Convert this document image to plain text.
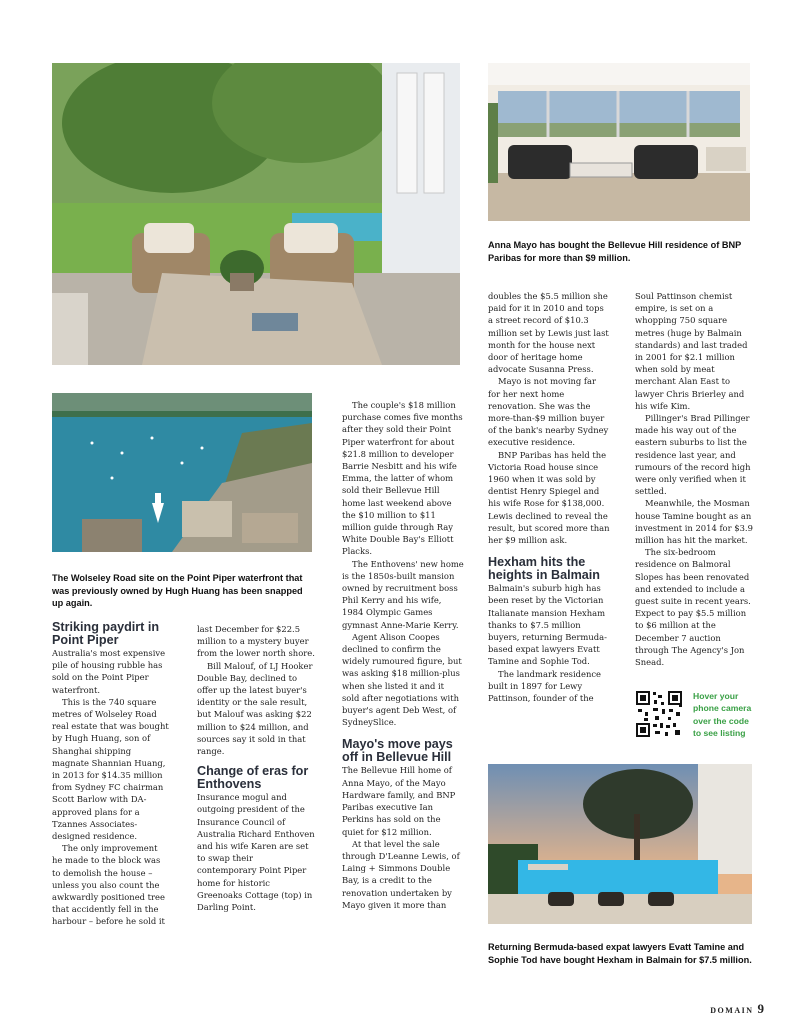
Anna Mayo has bought the Bellevue Hill residence of BNP Paribas for more than $9 million.
The Wolseley Road site on the Point Piper waterfront that was previously owned by Hugh Huang has been snapped up again.
Returning Bermuda-based expat lawyers Evatt Tamine and Sophie Tod have bought Hexham in Balmain for $7.5 million.
Striking paydirt in Point Piper

Australia's most expensive pile of housing rubble has sold on the Point Piper waterfront.

This is the 740 square metres of Wolseley Road real estate that was bought by Hugh Huang, son of Shanghai shipping magnate Shannian Huang, in 2013 for $14.35 million from Sydney FC chairman Scott Barlow with DA-approved plans for a Tzannes Associates-designed residence.

The only improvement he made to the block was to demolish the house – unless you also count the awkwardly positioned tree that accidently fell in the harbour – before he sold it

last December for $22.5 million to a mystery buyer from the lower north shore.

Bill Malouf, of LJ Hooker Double Bay, declined to offer up the latest buyer's identity or the sale result, but Malouf was asking $22 million to $24 million, and sources say it sold in that range.

Change of eras for Enthovens

Insurance mogul and outgoing president of the Insurance Council of Australia Richard Enthoven and his wife Karen are set to swap their contemporary Point Piper home for historic Greenoaks Cottage (top) in Darling Point.

The couple's $18 million purchase comes five months after they sold their Point Piper waterfront for about $21.8 million to developer Barrie Nesbitt and his wife Emma, the latter of whom sold their Bellevue Hill home last weekend above the $10 million to $11 million guide through Ray White Double Bay's Elliott Placks.

The Enthovens' new home is the 1850s-built mansion owned by recruitment boss Phil Kerry and his wife, 1984 Olympic Games gymnast Anne-Marie Kerry.

Agent Alison Coopes declined to confirm the widely rumoured figure, but was asking $18 million-plus when she listed it and it sold after negotiations with buyer's agent Deb West, of SydneySlice.

Mayo's move pays off in Bellevue Hill

The Bellevue Hill home of Anna Mayo, of the Mayo Hardware family, and BNP Paribas executive Ian Perkins has sold on the quiet for $12 million.

At that level the sale through D'Leanne Lewis, of Laing + Simmons Double Bay, is a credit to the renovation undertaken by Mayo given it more than

doubles the $5.5 million she paid for it in 2010 and tops a street record of $10.3 million set by Lewis just last month for the house next door of heritage home advocate Susanna Press.

Mayo is not moving far for her next home renovation. She was the more-than-$9 million buyer of the bank's nearby Sydney executive residence.

BNP Paribas has held the Victoria Road house since 1960 when it was sold by dentist Henry Spiegel and his wife Rose for $138,000. Lewis declined to reveal the result, but scored more than her $9 million ask.

Hexham hits the heights in Balmain

Balmain's suburb high has been reset by the Victorian Italianate mansion Hexham thanks to $7.5 million buyers, returning Bermuda-based expat lawyers Evatt Tamine and Sophie Tod.

The landmark residence built in 1897 for Lewy Pattinson, founder of the

Soul Pattinson chemist empire, is set on a whopping 750 square metres (huge by Balmain standards) and last traded in 2001 for $2.1 million when sold by meat merchant Alan East to lawyer Chris Brierley and his wife Kim.

Pillinger's Brad Pillinger made his way out of the eastern suburbs to list the residence last year, and rumours of the record high were only verified when it settled.

Meanwhile, the Mosman house Tamine bought as an investment in 2014 for $3.9 million has hit the market.

The six-bedroom residence on Balmoral Slopes has been renovated and extended to include a guest suite in recent years. Expect to pay $5.5 million to $6 million at the December 7 auction through The Agency's Jon Snead.

Hover your phone camera over the code to see listing
DOMAIN 9
